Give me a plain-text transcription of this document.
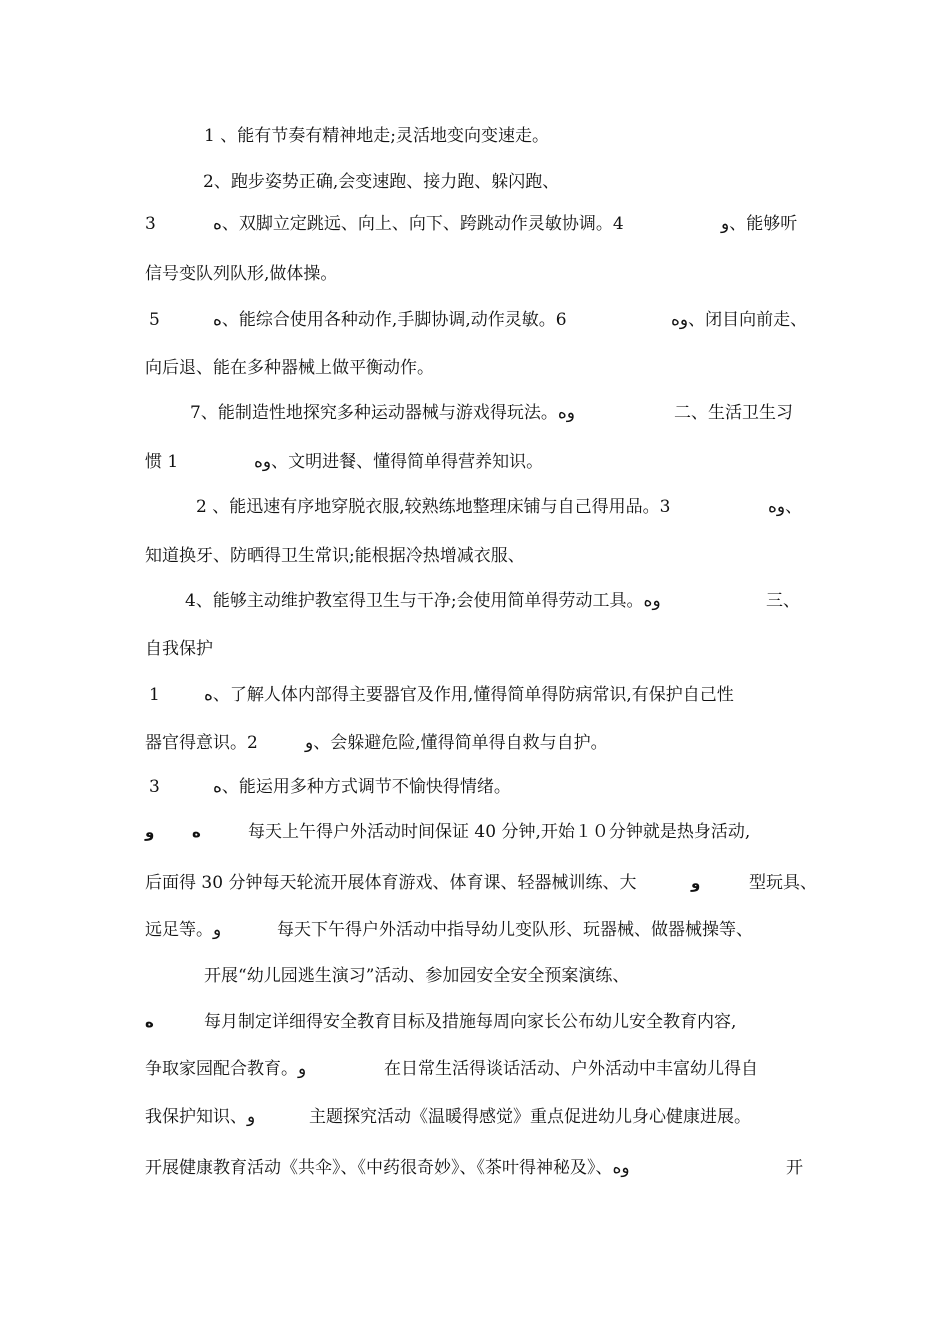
1 、能有节奏有精神地走;灵活地变向变速走。

2、跑步姿势正确,会变速跑、接力跑、躲闪跑、

3

	ه、双脚立定跳远、向上、向下、跨跳动作灵敏协调。4

	و、能够听

信号变队列队形,做体操。

5

	ه、能综合使用各种动作,手脚协调,动作灵敏。6

	وه、闭目向前走、

向后退、能在多种器械上做平衡动作。

7、能制造性地探究多种运动器械与游戏得玩法。وه

	二、生活卫生习

惯 1

	وه、文明进餐、懂得简单得营养知识。

2 、能迅速有序地穿脱衣服,较熟练地整理床铺与自己得用品。3

	وه、

知道换牙、防晒得卫生常识;能根据冷热增减衣服、

4、能够主动维护教室得卫生与干净;会使用简单得劳动工具。وه

	三、

自我保护

1

	ه、了解人体内部得主要器官及作用,懂得简单得防病常识,有保护自己性

器官得意识。2

	و、会躲避危险,懂得简单得自救与自护。

3

	ه、能运用多种方式调节不愉快得情绪。

و

	ه

	每天上午得户外活动时间保证 40 分钟,开始１０分钟就是热身活动,

后面得 30 分钟每天轮流开展体育游戏、体育课、轻器械训练、大

	و

	型玩具、

远足等。و

	每天下午得户外活动中指导幼儿变队形、玩器械、做器械操等、

开展“幼儿园逃生演习”活动、参加园安全安全预案演练、

ه

	每月制定详细得安全教育目标及措施每周向家长公布幼儿安全教育内容,

争取家园配合教育。و

	在日常生活得谈话活动、户外活动中丰富幼儿得自

我保护知识、و

	主题探究活动《温暖得感觉》重点促进幼儿身心健康进展。

开展健康教育活动《共伞》、《中药很奇妙》、《茶叶得神秘及》、وه

	开
